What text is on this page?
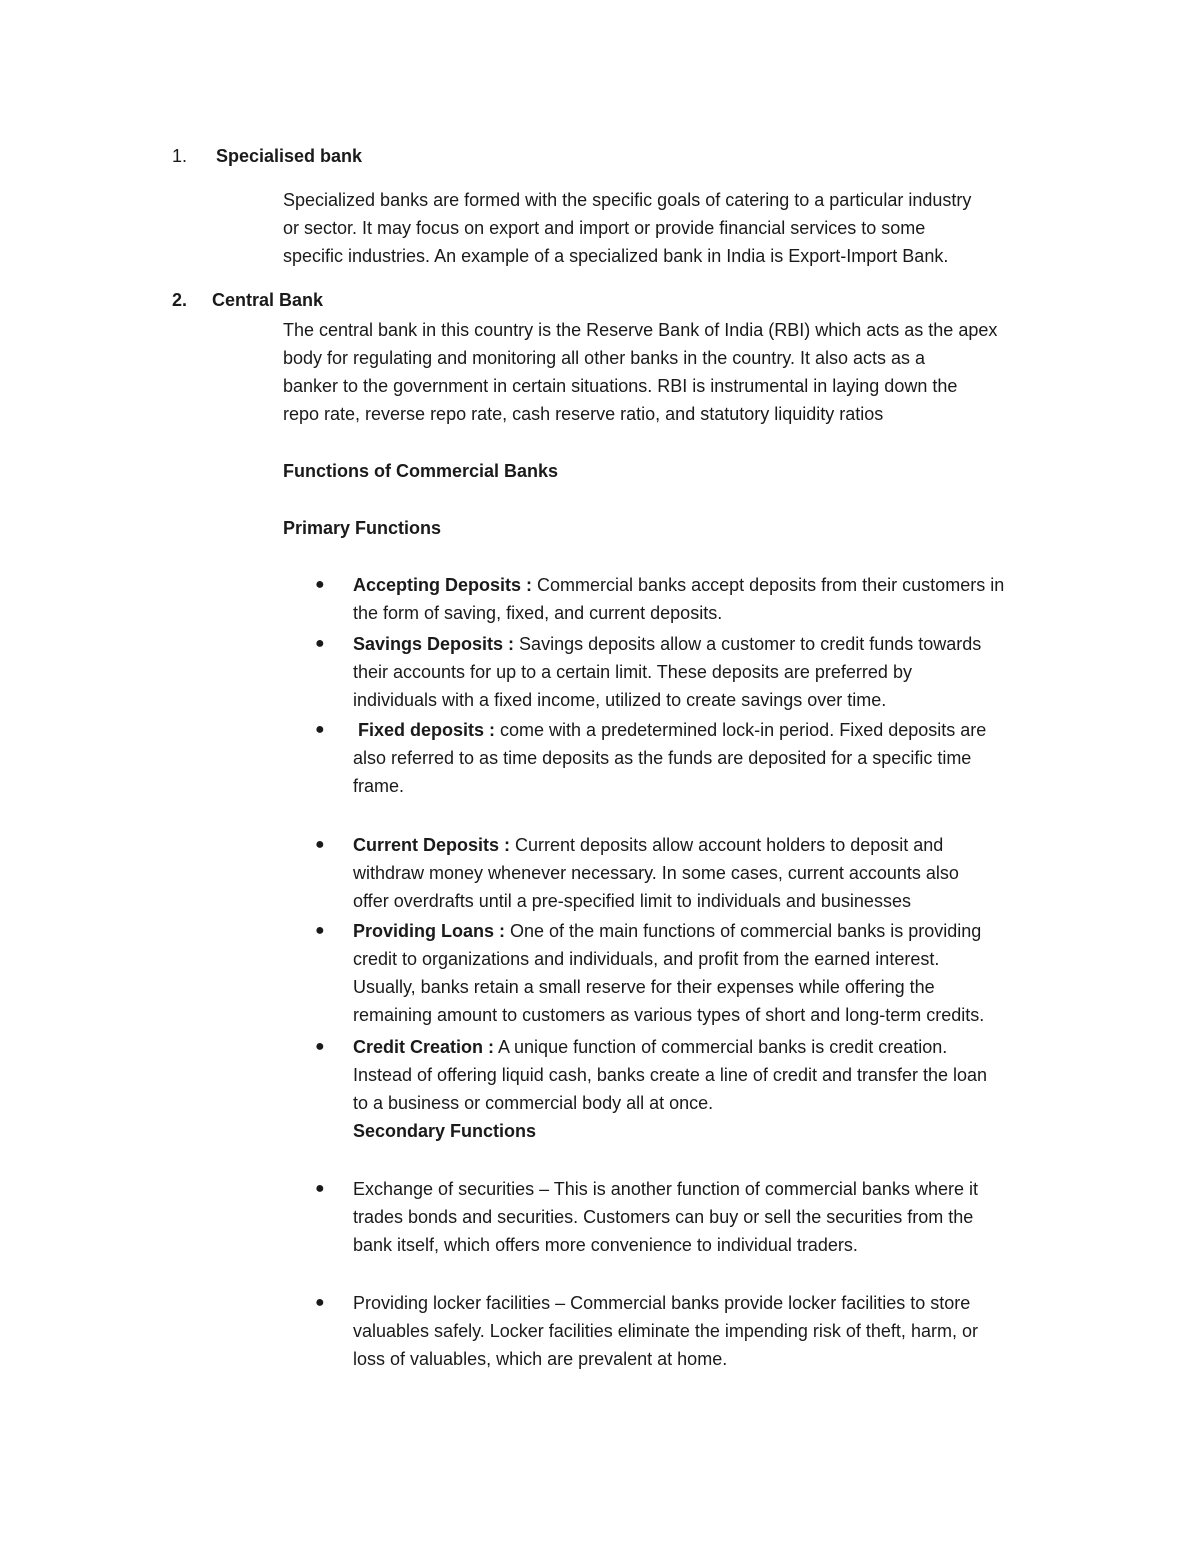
1. Specialised bank
Specialized banks are formed with the specific goals of catering to a particular industry
or sector. It may focus on export and import or provide financial services to some
specific industries. An example of a specialized bank in India is Export-Import Bank.
2. Central Bank
The central bank in this country is the Reserve Bank of India (RBI) which acts as the apex
body for regulating and monitoring all other banks in the country. It also acts as a
banker to the government in certain situations. RBI is instrumental in laying down the
repo rate, reverse repo rate, cash reserve ratio, and statutory liquidity ratios
Functions of Commercial Banks
Primary Functions
● Accepting Deposits : Commercial banks accept deposits from their customers in
the form of saving, fixed, and current deposits.
● Savings Deposits : Savings deposits allow a customer to credit funds towards
their accounts for up to a certain limit. These deposits are preferred by
individuals with a fixed income, utilized to create savings over time.
● Fixed deposits : come with a predetermined lock-in period. Fixed deposits are
also referred to as time deposits as the funds are deposited for a specific time
frame.
● Current Deposits : Current deposits allow account holders to deposit and
withdraw money whenever necessary. In some cases, current accounts also
offer overdrafts until a pre-specified limit to individuals and businesses
● Providing Loans : One of the main functions of commercial banks is providing
credit to organizations and individuals, and profit from the earned interest.
Usually, banks retain a small reserve for their expenses while offering the
remaining amount to customers as various types of short and long-term credits.
● Credit Creation : A unique function of commercial banks is credit creation.
Instead of offering liquid cash, banks create a line of credit and transfer the loan
to a business or commercial body all at once.
Secondary Functions
● Exchange of securities – This is another function of commercial banks where it
trades bonds and securities. Customers can buy or sell the securities from the
bank itself, which offers more convenience to individual traders.
● Providing locker facilities – Commercial banks provide locker facilities to store
valuables safely. Locker facilities eliminate the impending risk of theft, harm, or
loss of valuables, which are prevalent at home.
